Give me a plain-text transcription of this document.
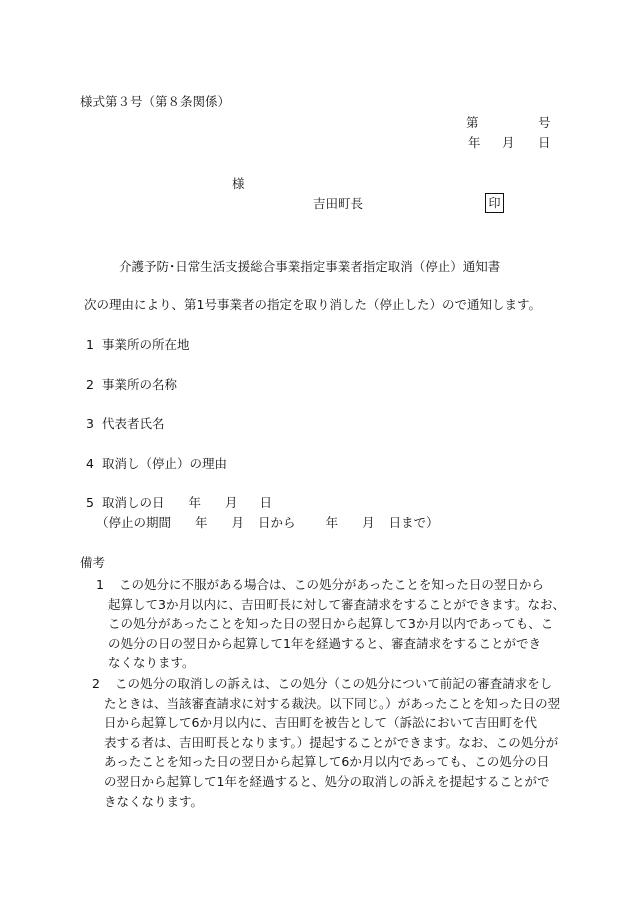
様式第３号（第８条関係）
第	号
年 月 日
様
吉田町長	印
介護予防･日常生活支援総合事業指定事業者指定取消（停止）通知書
次の理由により、第1号事業者の指定を取り消した（停止した）ので通知します。
1 事業所の所在地
2 事業所の名称
3 代表者氏名
4 取消し（停止）の理由
5 取消しの日 年 月 日
（停止の期間 年 月 日から 年 月 日まで）
備考
1 この処分に不服がある場合は、この処分があったことを知った日の翌日から
起算して3か月以内に、吉田町長に対して審査請求をすることができます。なお、
この処分があったことを知った日の翌日から起算して3か月以内であっても、こ
の処分の日の翌日から起算して1年を経過すると、審査請求をすることができ
なくなります。
2 この処分の取消しの訴えは、この処分（この処分について前記の審査請求をし
たときは、当該審査請求に対する裁決。以下同じ。）があったことを知った日の翌
日から起算して6か月以内に、吉田町を被告として（訴訟において吉田町を代
表する者は、吉田町長となります。）提起することができます。なお、この処分が
あったことを知った日の翌日から起算して6か月以内であっても、この処分の日
の翌日から起算して1年を経過すると、処分の取消しの訴えを提起することがで
きなくなります。
